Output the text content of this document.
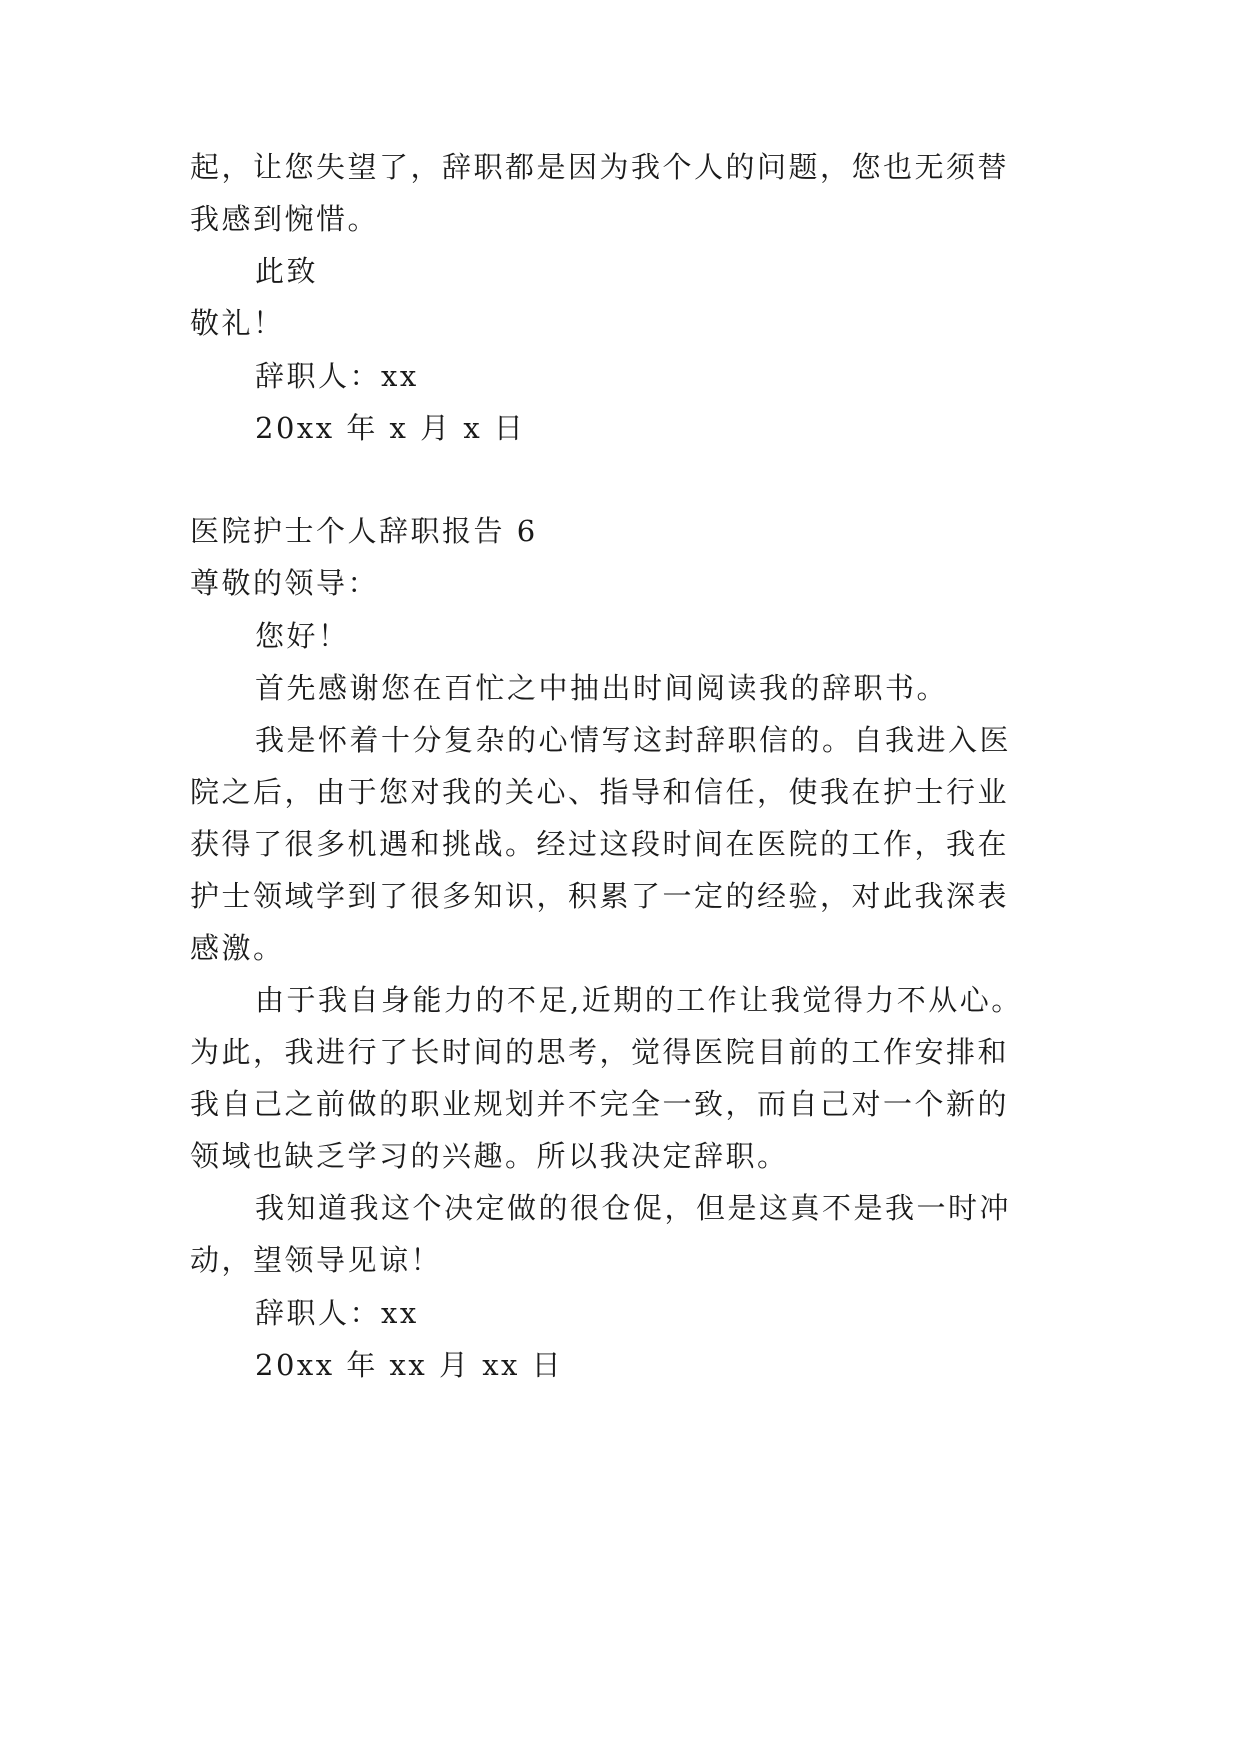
起，让您失望了，辞职都是因为我个人的问题，您也无须替
我感到惋惜。
此致
敬礼！
辞职人：xx
20xx 年 x 月 x 日
医院护士个人辞职报告 6
尊敬的领导：
您好！
首先感谢您在百忙之中抽出时间阅读我的辞职书。
我是怀着十分复杂的心情写这封辞职信的。自我进入医
院之后，由于您对我的关心、指导和信任，使我在护士行业
获得了很多机遇和挑战。经过这段时间在医院的工作，我在
护士领域学到了很多知识，积累了一定的经验，对此我深表
感激。
由于我自身能力的不足,近期的工作让我觉得力不从心。
为此，我进行了长时间的思考，觉得医院目前的工作安排和
我自己之前做的职业规划并不完全一致，而自己对一个新的
领域也缺乏学习的兴趣。所以我决定辞职。
我知道我这个决定做的很仓促，但是这真不是我一时冲
动，望领导见谅！
辞职人：xx
20xx 年 xx 月 xx 日
